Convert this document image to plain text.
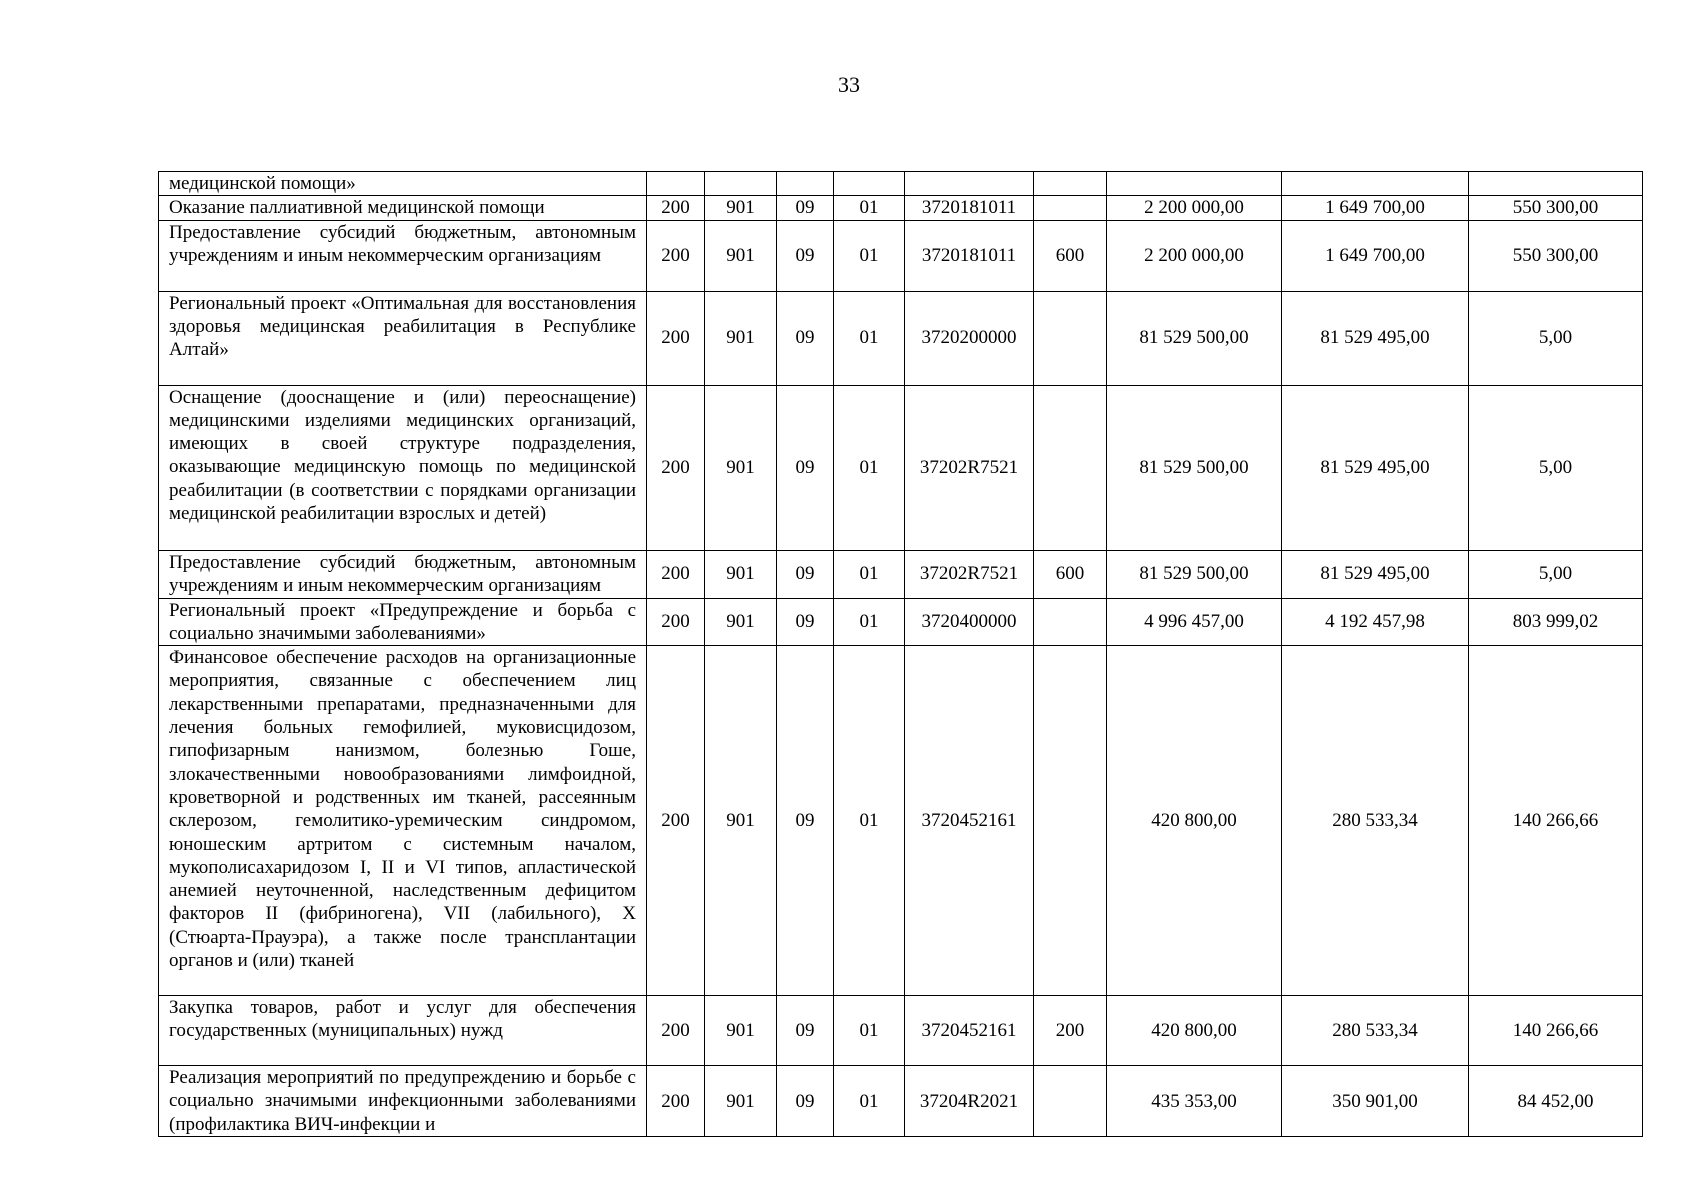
33
медицинской помощи»									
Оказание паллиативной медицинской помощи	200	901	09	01	3720181011		2 200 000,00	1 649 700,00	550 300,00
Предоставление субсидий бюджетным, автономным учреждениям и иным некоммерческим организациям	200	901	09	01	3720181011	600	2 200 000,00	1 649 700,00	550 300,00
Региональный проект «Оптимальная для восстановления здоровья медицинская реабилитация в Республике Алтай»	200	901	09	01	3720200000		81 529 500,00	81 529 495,00	5,00
Оснащение (дооснащение и (или) переоснащение) медицинскими изделиями медицинских организаций, имеющих в своей структуре подразделения, оказывающие медицинскую помощь по медицинской реабилитации (в соответствии с порядками организации медицинской реабилитации взрослых и детей)	200	901	09	01	37202R7521		81 529 500,00	81 529 495,00	5,00
Предоставление субсидий бюджетным, автономным учреждениям и иным некоммерческим организациям	200	901	09	01	37202R7521	600	81 529 500,00	81 529 495,00	5,00
Региональный проект «Предупреждение и борьба с социально значимыми заболеваниями»	200	901	09	01	3720400000		4 996 457,00	4 192 457,98	803 999,02
Финансовое обеспечение расходов на организационные мероприятия, связанные с обеспечением лиц лекарственными препаратами, предназначенными для лечения больных гемофилией, муковисцидозом, гипофизарным нанизмом, болезнью Гоше, злокачественными новообразованиями лимфоидной, кроветворной и родственных им тканей, рассеянным склерозом, гемолитико-уремическим синдромом, юношеским артритом с системным началом, мукополисахаридозом I, II и VI типов, апластической анемией неуточненной, наследственным дефицитом факторов II (фибриногена), VII (лабильного), X (Стюарта-Прауэра), а также после трансплантации органов и (или) тканей	200	901	09	01	3720452161		420 800,00	280 533,34	140 266,66
Закупка товаров, работ и услуг для обеспечения государственных (муниципальных) нужд	200	901	09	01	3720452161	200	420 800,00	280 533,34	140 266,66
Реализация мероприятий по предупреждению и борьбе с социально значимыми инфекционными заболеваниями (профилактика ВИЧ-инфекции и	200	901	09	01	37204R2021		435 353,00	350 901,00	84 452,00
